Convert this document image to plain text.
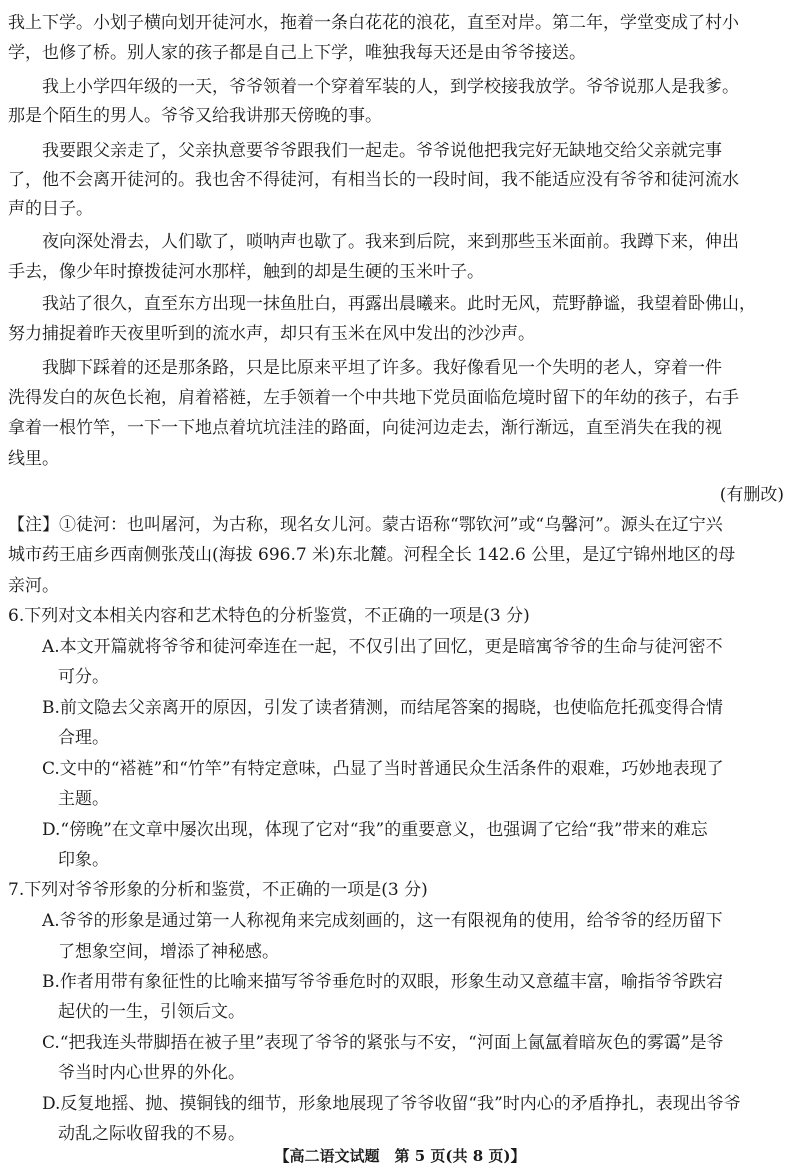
我上下学。小划子横向划开徒河水，拖着一条白花花的浪花，直至对岸。第二年，学堂变成了村小
学，也修了桥。别人家的孩子都是自己上下学，唯独我每天还是由爷爷接送。
我上小学四年级的一天，爷爷领着一个穿着军装的人，到学校接我放学。爷爷说那人是我爹。
那是个陌生的男人。爷爷又给我讲那天傍晚的事。
我要跟父亲走了，父亲执意要爷爷跟我们一起走。爷爷说他把我完好无缺地交给父亲就完事
了，他不会离开徒河的。我也舍不得徒河，有相当长的一段时间，我不能适应没有爷爷和徒河流水
声的日子。
夜向深处滑去，人们歇了，唢呐声也歇了。我来到后院，来到那些玉米面前。我蹲下来，伸出
手去，像少年时撩拨徒河水那样，触到的却是生硬的玉米叶子。
我站了很久，直至东方出现一抹鱼肚白，再露出晨曦来。此时无风，荒野静谧，我望着卧佛山，
努力捕捉着昨天夜里听到的流水声，却只有玉米在风中发出的沙沙声。
我脚下踩着的还是那条路，只是比原来平坦了许多。我好像看见一个失明的老人，穿着一件
洗得发白的灰色长袍，肩着褡裢，左手领着一个中共地下党员面临危境时留下的年幼的孩子，右手
拿着一根竹竿，一下一下地点着坑坑洼洼的路面，向徒河边走去，渐行渐远，直至消失在我的视
线里。
(有删改)
【注】①徒河：也叫屠河，为古称，现名女儿河。蒙古语称“鄂钦河”或“乌馨河”。源头在辽宁兴
城市药王庙乡西南侧张茂山(海拔 696.7 米)东北麓。河程全长 142.6 公里，是辽宁锦州地区的母
亲河。
6.下列对文本相关内容和艺术特色的分析鉴赏，不正确的一项是(3 分)
A.本文开篇就将爷爷和徒河牵连在一起，不仅引出了回忆，更是暗寓爷爷的生命与徒河密不
可分。
B.前文隐去父亲离开的原因，引发了读者猜测，而结尾答案的揭晓，也使临危托孤变得合情
合理。
C.文中的“褡裢”和“竹竿”有特定意味，凸显了当时普通民众生活条件的艰难，巧妙地表现了
主题。
D.“傍晚”在文章中屡次出现，体现了它对“我”的重要意义，也强调了它给“我”带来的难忘
印象。
7.下列对爷爷形象的分析和鉴赏，不正确的一项是(3 分)
A.爷爷的形象是通过第一人称视角来完成刻画的，这一有限视角的使用，给爷爷的经历留下
了想象空间，增添了神秘感。
B.作者用带有象征性的比喻来描写爷爷垂危时的双眼，形象生动又意蕴丰富，喻指爷爷跌宕
起伏的一生，引领后文。
C.“把我连头带脚捂在被子里”表现了爷爷的紧张与不安，“河面上氤氲着暗灰色的雾霭”是爷
爷当时内心世界的外化。
D.反复地摇、抛、摸铜钱的细节，形象地展现了爷爷收留“我”时内心的矛盾挣扎，表现出爷爷
动乱之际收留我的不易。
【高二语文试题　第 5 页(共 8 页)】
